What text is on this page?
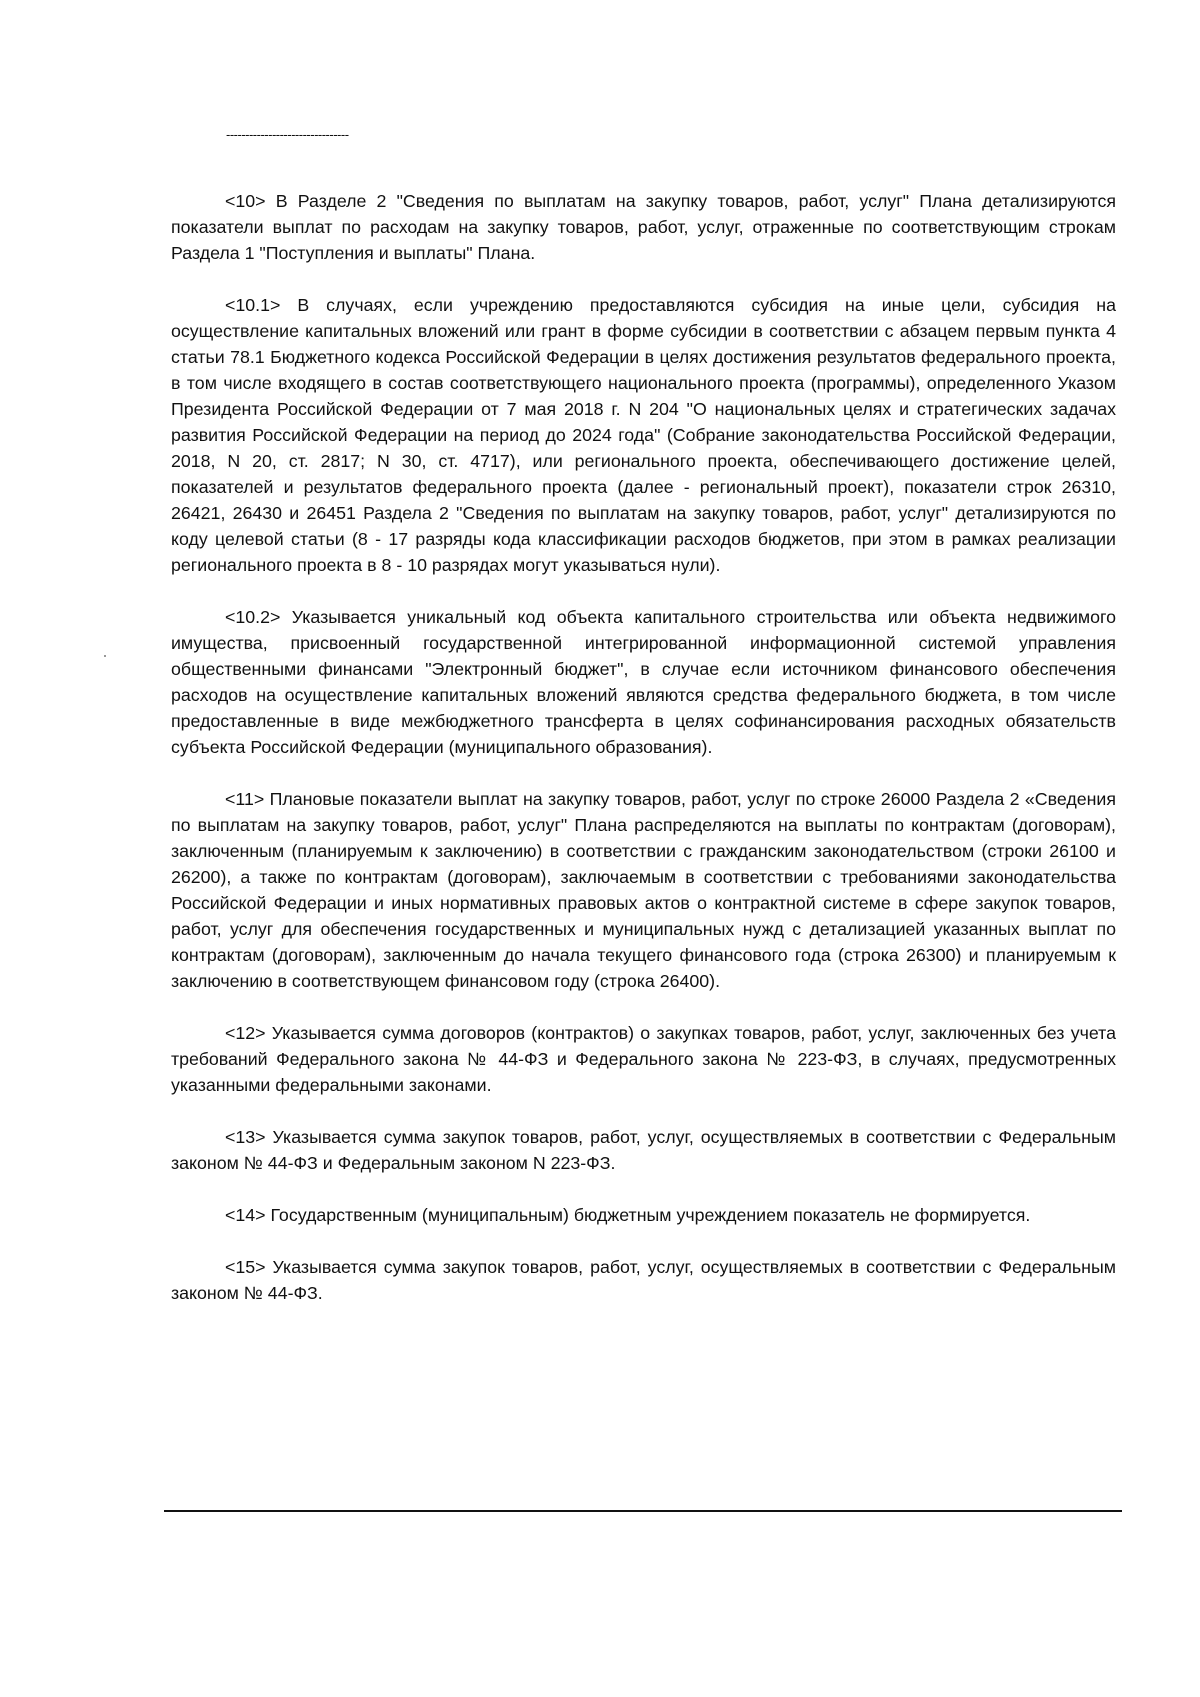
--------------------------------

<10> В Разделе 2 "Сведения по выплатам на закупку товаров, работ, услуг" Плана детализируются показатели выплат по расходам на закупку товаров, работ, услуг, отраженные по соответствующим строкам Раздела 1 "Поступления и выплаты" Плана.

<10.1> В случаях, если учреждению предоставляются субсидия на иные цели, субсидия на осуществление капитальных вложений или грант в форме субсидии в соответствии с абзацем первым пункта 4 статьи 78.1 Бюджетного кодекса Российской Федерации в целях достижения результатов федерального проекта, в том числе входящего в состав соответствующего национального проекта (программы), определенного Указом Президента Российской Федерации от 7 мая 2018 г. N 204 "О национальных целях и стратегических задачах развития Российской Федерации на период до 2024 года" (Собрание законодательства Российской Федерации, 2018, N 20, ст. 2817; N 30, ст. 4717), или регионального проекта, обеспечивающего достижение целей, показателей и результатов федерального проекта (далее - региональный проект), показатели строк 26310, 26421, 26430 и 26451 Раздела 2 "Сведения по выплатам на закупку товаров, работ, услуг" детализируются по коду целевой статьи (8 - 17 разряды кода классификации расходов бюджетов, при этом в рамках реализации регионального проекта в 8 - 10 разрядах могут указываться нули).

<10.2> Указывается уникальный код объекта капитального строительства или объекта недвижимого имущества, присвоенный государственной интегрированной информационной системой управления общественными финансами "Электронный бюджет", в случае если источником финансового обеспечения расходов на осуществление капитальных вложений являются средства федерального бюджета, в том числе предоставленные в виде межбюджетного трансферта в целях софинансирования расходных обязательств субъекта Российской Федерации (муниципального образования).

<11> Плановые показатели выплат на закупку товаров, работ, услуг по строке 26000 Раздела 2 «Сведения по выплатам на закупку товаров, работ, услуг" Плана распределяются на выплаты по контрактам (договорам), заключенным (планируемым к заключению) в соответствии с гражданским законодательством (строки 26100 и 26200), а также по контрактам (договорам), заключаемым в соответствии с требованиями законодательства Российской Федерации и иных нормативных правовых актов о контрактной системе в сфере закупок товаров, работ, услуг для обеспечения государственных и муниципальных нужд с детализацией указанных выплат по контрактам (договорам), заключенным до начала текущего финансового года (строка 26300) и планируемым к заключению в соответствующем финансовом году (строка 26400).

<12> Указывается сумма договоров (контрактов) о закупках товаров, работ, услуг, заключенных без учета требований Федерального закона № 44-ФЗ и Федерального закона № 223-ФЗ, в случаях, предусмотренных указанными федеральными законами.

<13> Указывается сумма закупок товаров, работ, услуг, осуществляемых в соответствии с Федеральным законом № 44-ФЗ и Федеральным законом N 223-ФЗ.

<14> Государственным (муниципальным) бюджетным учреждением показатель не формируется.

<15> Указывается сумма закупок товаров, работ, услуг, осуществляемых в соответствии с Федеральным законом № 44-ФЗ.
